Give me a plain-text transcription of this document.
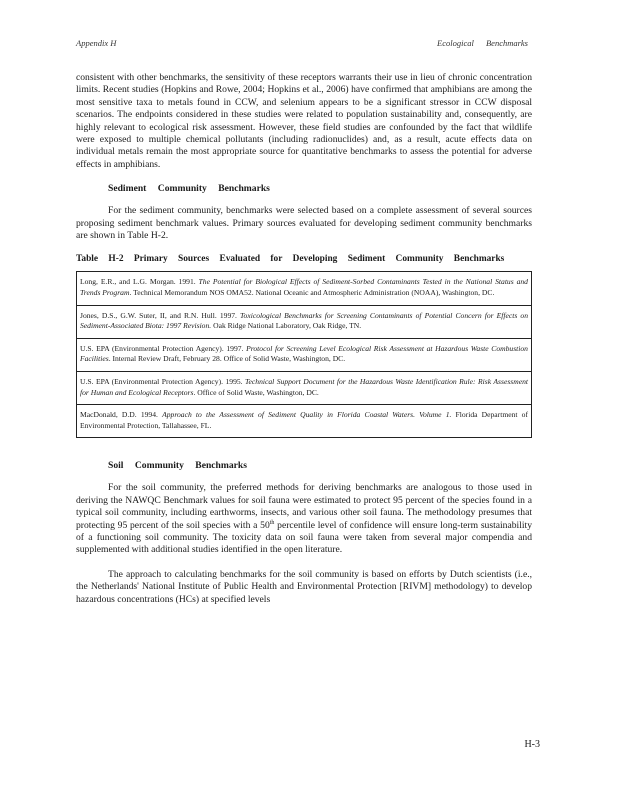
Appendix H	Ecological Benchmarks

consistent with other benchmarks, the sensitivity of these receptors warrants their use in lieu of chronic concentration limits. Recent studies (Hopkins and Rowe, 2004; Hopkins et al., 2006) have confirmed that amphibians are among the most sensitive taxa to metals found in CCW, and selenium appears to be a significant stressor in CCW disposal scenarios. The endpoints considered in these studies were related to population sustainability and, consequently, are highly relevant to ecological risk assessment. However, these field studies are confounded by the fact that wildlife were exposed to multiple chemical pollutants (including radionuclides) and, as a result, acute effects data on individual metals remain the most appropriate source for quantitative benchmarks to assess the potential for adverse effects in amphibians.

Sediment Community Benchmarks

For the sediment community, benchmarks were selected based on a complete assessment of several sources proposing sediment benchmark values. Primary sources evaluated for developing sediment community benchmarks are shown in Table H-2.

Table H-2 Primary Sources Evaluated for Developing Sediment Community Benchmarks
Long, E.R., and L.G. Morgan. 1991. The Potential for Biological Effects of Sediment-Sorbed Contaminants Tested in the National Status and Trends Program. Technical Memorandum NOS OMA52. National Oceanic and Atmospheric Administration (NOAA), Washington, DC.
Jones, D.S., G.W. Suter, II, and R.N. Hull. 1997. Toxicological Benchmarks for Screening Contaminants of Potential Concern for Effects on Sediment-Associated Biota: 1997 Revision. Oak Ridge National Laboratory, Oak Ridge, TN.
U.S. EPA (Environmental Protection Agency). 1997. Protocol for Screening Level Ecological Risk Assessment at Hazardous Waste Combustion Facilities. Internal Review Draft, February 28. Office of Solid Waste, Washington, DC.
U.S. EPA (Environmental Protection Agency). 1995. Technical Support Document for the Hazardous Waste Identification Rule: Risk Assessment for Human and Ecological Receptors. Office of Solid Waste, Washington, DC.
MacDonald, D.D. 1994. Approach to the Assessment of Sediment Quality in Florida Coastal Waters. Volume 1. Florida Department of Environmental Protection, Tallahassee, FL.
Soil Community Benchmarks

For the soil community, the preferred methods for deriving benchmarks are analogous to those used in deriving the NAWQC Benchmark values for soil fauna were estimated to protect 95 percent of the species found in a typical soil community, including earthworms, insects, and various other soil fauna. The methodology presumes that protecting 95 percent of the soil species with a 50th percentile level of confidence will ensure long-term sustainability of a functioning soil community. The toxicity data on soil fauna were taken from several major compendia and supplemented with additional studies identified in the open literature.

The approach to calculating benchmarks for the soil community is based on efforts by Dutch scientists (i.e., the Netherlands' National Institute of Public Health and Environmental Protection [RIVM] methodology) to develop hazardous concentrations (HCs) at specified levels

H-3
